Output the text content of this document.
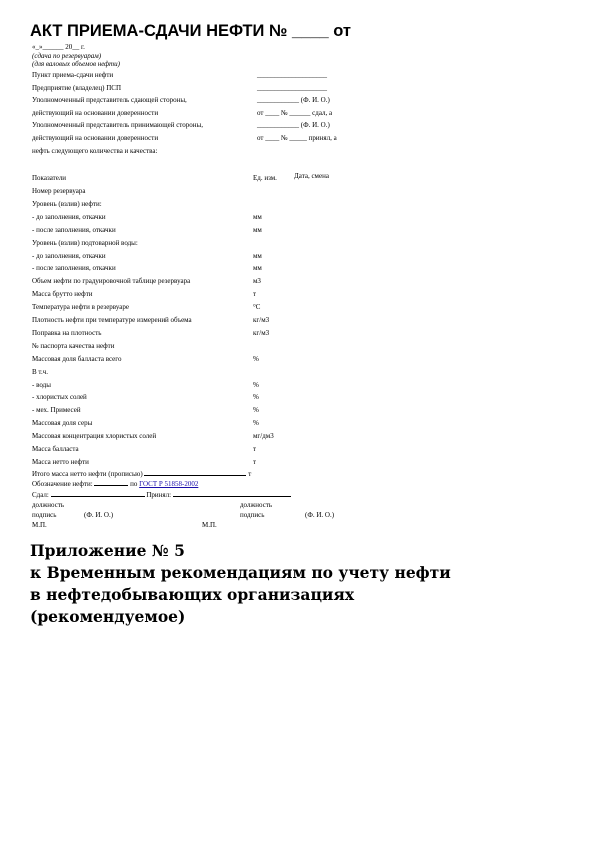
АКТ ПРИЕМА-СДАЧИ НЕФТИ № ____ от
«_»______ 20__ г.
(сдача по резервуарам)
(для валовых объемов нефти)
Пункт приема-сдачи нефти	____________________
Предприятие (владелец) ПСП	____________________
Уполномоченный представитель сдающей стороны,	____________ (Ф. И. О.)
действующий на основании доверенности	от ____ № ______ сдал, а
Уполномоченный представитель принимающей стороны,	____________ (Ф. И. О.)
действующий на основании доверенности	от ____ № _____ принял, а
нефть следующего количества и качества:
Показатели	Ед. изм. Дата, смена
Номер резервуара
Уровень (взлив) нефти:
- до заполнения, откачки	мм
- после заполнения, откачки	мм
Уровень (взлив) подтоварной воды:
- до заполнения, откачки	мм
- после заполнения, откачки	мм
Объем нефти по градуировочной таблице резервуара	м3
Масса брутто нефти	т
Температура нефти в резервуаре	°С
Плотность нефти при температуре измерений объема	кг/м3
Поправка на плотность	кг/м3
№ паспорта качества нефти
Массовая доля балласта всего	%
В т.ч.
- воды	%
- хлористых солей	%
- мех. Примесей	%
Массовая доля серы	%
Массовая концентрация хлористых солей	мг/дм3
Масса балласта	т
Масса нетто нефти	т
Итого масса нетто нефти (прописью)	т
Обозначение нефти:	по ГОСТ Р 51858-2002
Сдал:	Принял:
должность	должность
подпись	(Ф. И. О.)	подпись	(Ф. И. О.)
М.П.	М.П.
Приложение № 5
к Временным рекомендациям по учету нефти
в нефтедобывающих организациях
(рекомендуемое)
